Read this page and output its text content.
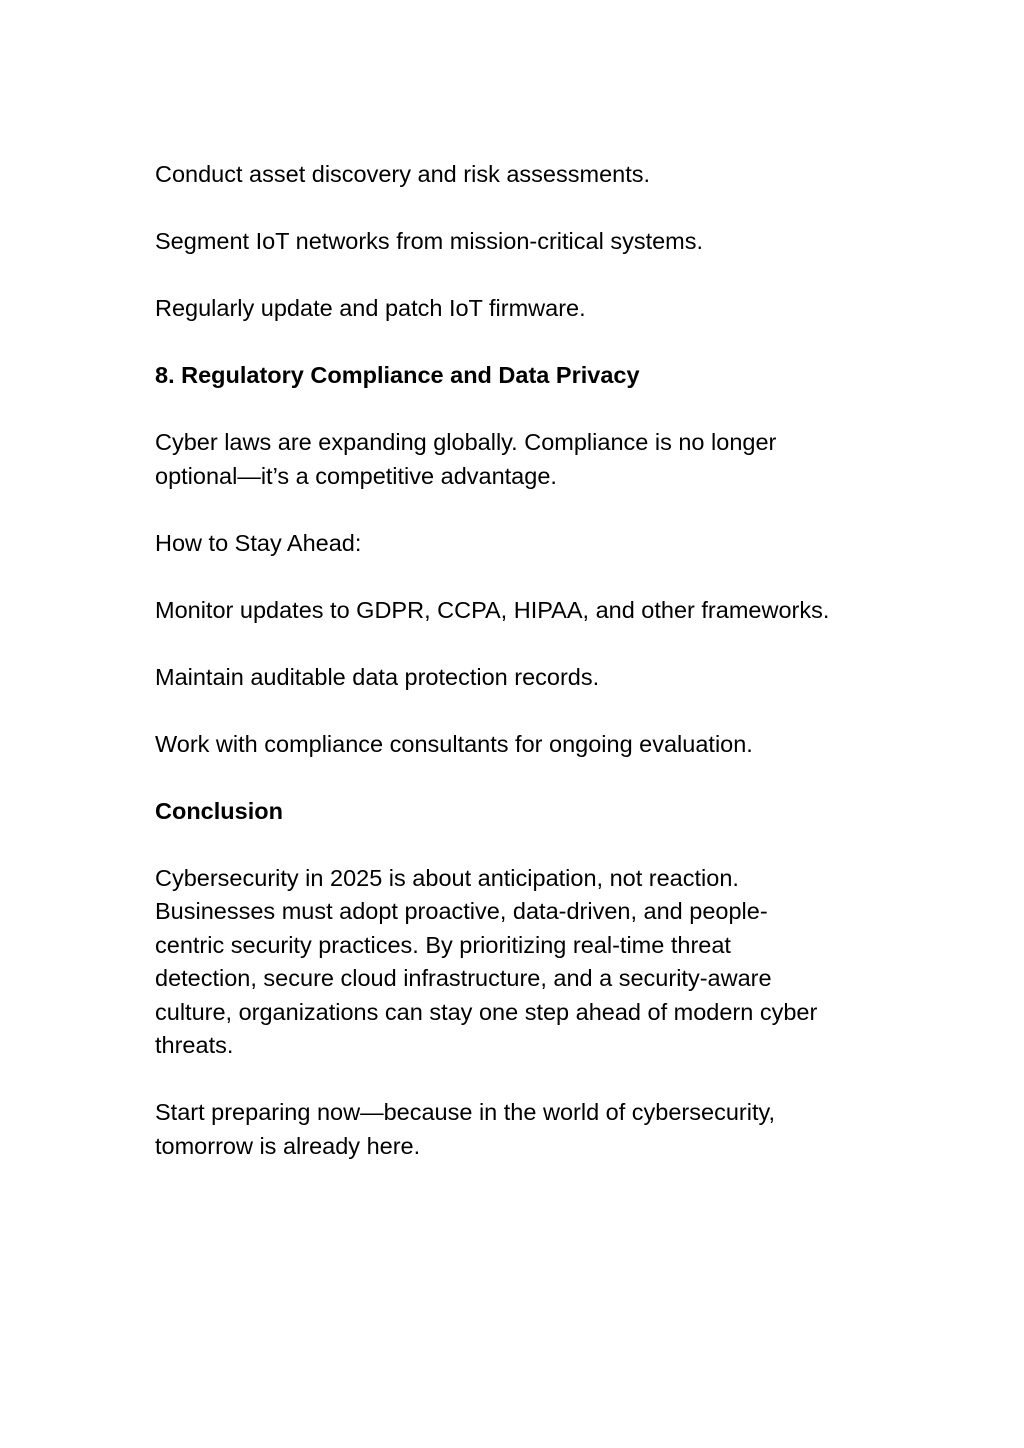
Conduct asset discovery and risk assessments.

Segment IoT networks from mission-critical systems.

Regularly update and patch IoT firmware.

8. Regulatory Compliance and Data Privacy

Cyber laws are expanding globally. Compliance is no longer
optional—it’s a competitive advantage.

How to Stay Ahead:

Monitor updates to GDPR, CCPA, HIPAA, and other frameworks.

Maintain auditable data protection records.

Work with compliance consultants for ongoing evaluation.

Conclusion

Cybersecurity in 2025 is about anticipation, not reaction.
Businesses must adopt proactive, data-driven, and people-
centric security practices. By prioritizing real-time threat
detection, secure cloud infrastructure, and a security-aware
culture, organizations can stay one step ahead of modern cyber
threats.

Start preparing now—because in the world of cybersecurity,
tomorrow is already here.
